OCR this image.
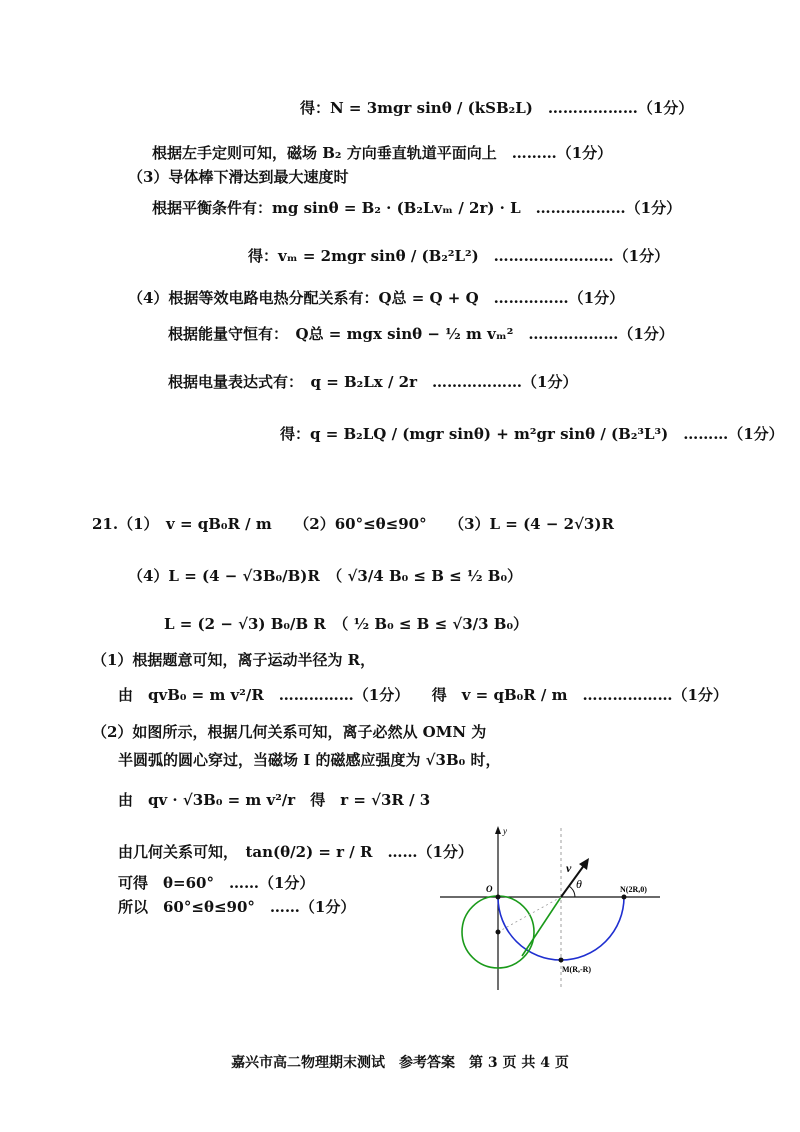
得：N = 3mgr sinθ / (kSB₂L)　………………（1分）
根据左手定则可知，磁场 B₂ 方向垂直轨道平面向上　………（1分）
（3）导体棒下滑达到最大速度时
根据平衡条件有：mg sinθ = B₂ · (B₂Lvₘ / 2r) · L　………………（1分）
得：vₘ = 2mgr sinθ / (B₂²L²)　……………………（1分）
（4）根据等效电路电热分配关系有：Q总 = Q + Q　……………（1分）
根据能量守恒有：　Q总 = mgx sinθ − ½ m vₘ²　………………（1分）
根据电量表达式有：　q = B₂Lx / 2r　………………（1分）
得：q = B₂LQ / (mgr sinθ) + m²gr sinθ / (B₂³L³)　………（1分）
21.（1）　v = qB₀R / m　　（2）60°≤θ≤90°　　（3）L = (4 − 2√3)R
（4）L = (4 − √3B₀/B)R　（ √3/4 B₀ ≤ B ≤ ½ B₀）
L = (2 − √3) B₀/B R　（ ½ B₀ ≤ B ≤ √3/3 B₀）
（1）根据题意可知，离子运动半径为 R，
由　qvB₀ = m v²/R　……………（1分）　　得　v = qB₀R / m　………………（1分）
（2）如图所示，根据几何关系可知，离子必然从 OMN 为
半圆弧的圆心穿过，当磁场 I 的磁感应强度为 √3B₀ 时，
由　qv · √3B₀ = m v²/r　得　r = √3R / 3
由几何关系可知，　tan(θ/2) = r / R　……（1分）
可得　θ=60°　……（1分）
所以　60°≤θ≤90°　……（1分）
y
O	N(2R,0)
M(R,-R)
v
θ
嘉兴市高二物理期末测试　参考答案　第 3 页 共 4 页
